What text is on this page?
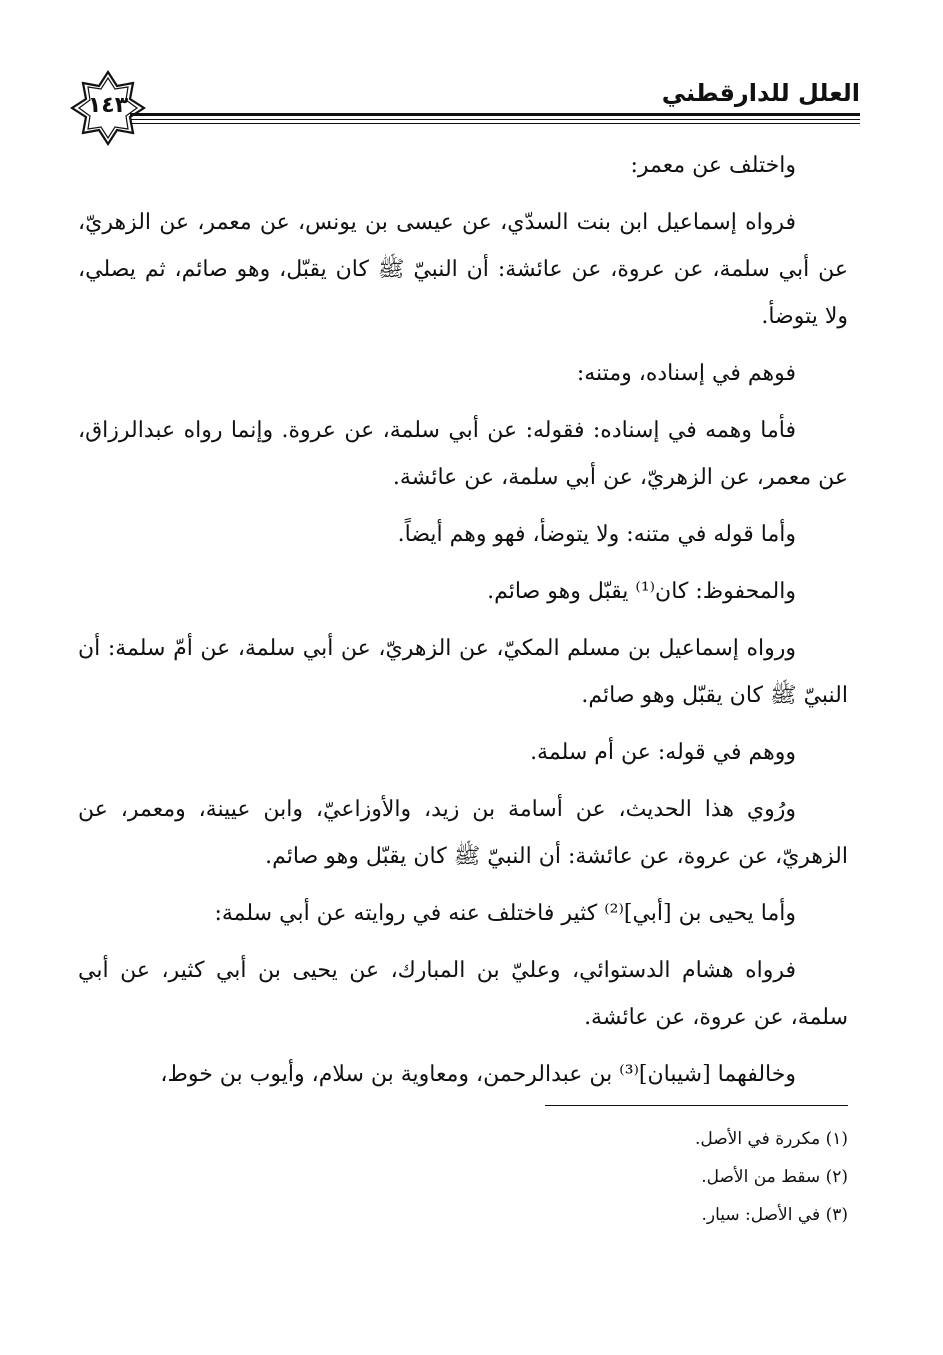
١٤٣	العلل للدارقطني

واختلف عن معمر:

فرواه إسماعيل ابن بنت السدّي، عن عيسى بن يونس، عن معمر، عن الزهريّ، عن أبي سلمة، عن عروة، عن عائشة: أن النبيّ ﷺ كان يقبّل، وهو صائم، ثم يصلي، ولا يتوضأ.

فوهم في إسناده، ومتنه:

فأما وهمه في إسناده: فقوله: عن أبي سلمة، عن عروة. وإنما رواه عبدالرزاق، عن معمر، عن الزهريّ، عن أبي سلمة، عن عائشة.

وأما قوله في متنه: ولا يتوضأ، فهو وهم أيضاً.

والمحفوظ: كان⁽¹⁾ يقبّل وهو صائم.

ورواه إسماعيل بن مسلم المكيّ، عن الزهريّ، عن أبي سلمة، عن أمّ سلمة: أن النبيّ ﷺ كان يقبّل وهو صائم.

ووهم في قوله: عن أم سلمة.

ورُوي هذا الحديث، عن أسامة بن زيد، والأوزاعيّ، وابن عيينة، ومعمر، عن الزهريّ، عن عروة، عن عائشة: أن النبيّ ﷺ كان يقبّل وهو صائم.

وأما يحيى بن [أبي]⁽²⁾ كثير فاختلف عنه في روايته عن أبي سلمة:

فرواه هشام الدستوائي، وعليّ بن المبارك، عن يحيى بن أبي كثير، عن أبي سلمة، عن عروة، عن عائشة.

وخالفهما [شيبان]⁽³⁾ بن عبدالرحمن، ومعاوية بن سلام، وأيوب بن خوط،

(١) مكررة في الأصل.

(٢) سقط من الأصل.

(٣) في الأصل: سيار.
